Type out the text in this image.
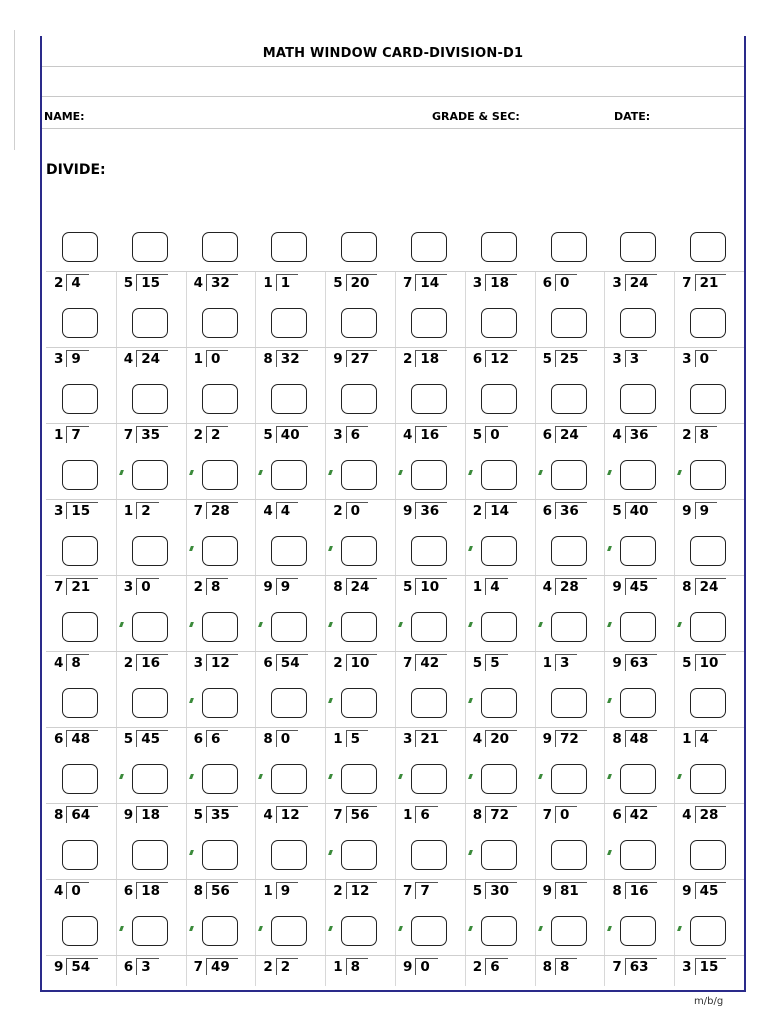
MATH WINDOW CARD-DIVISION-D1
NAME:	GRADE & SEC:	DATE:
DIVIDE:
2 4	5 15	4 32	1 1	5 20	7 14	3 18	6 0	3 24	7 21
3 9	4 24	1 0	8 32	9 27	2 18	6 12	5 25	3 3	3 0
1 7	7 35	2 2	5 40	3 6	4 16	5 0	6 24	4 36	2 8
3 15	1 2	7 28	4 4	2 0	9 36	2 14	6 36	5 40	9 9
7 21	3 0	2 8	9 9	8 24	5 10	1 4	4 28	9 45	8 24
4 8	2 16	3 12	6 54	2 10	7 42	5 5	1 3	9 63	5 10
6 48	5 45	6 6	8 0	1 5	3 21	4 20	9 72	8 48	1 4
8 64	9 18	5 35	4 12	7 56	1 6	8 72	7 0	6 42	4 28
4 0	6 18	8 56	1 9	2 12	7 7	5 30	9 81	8 16	9 45
9 54	6 3	7 49	2 2	1 8	9 0	2 6	8 8	7 63	3 15
m/b/g
